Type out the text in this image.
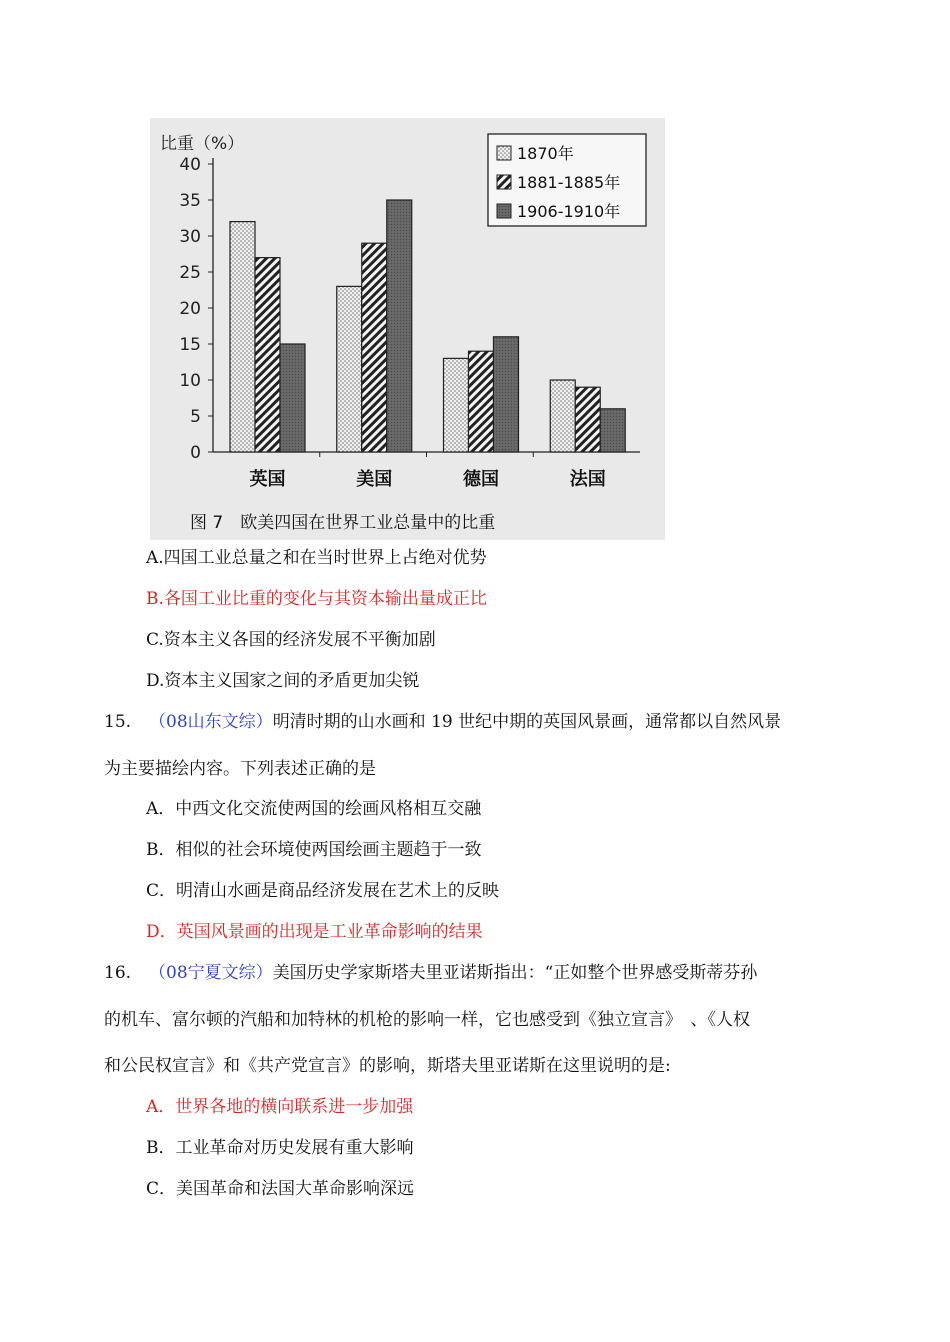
0
5
10
15
20
25
30
35
40
比重（%）
英国	美国	德国	法国
1870年
1881-1885年
1906-1910年
图 7　欧美四国在世界工业总量中的比重
A.四国工业总量之和在当时世界上占绝对优势
B.各国工业比重的变化与其资本输出量成正比
C.资本主义各国的经济发展不平衡加剧
D.资本主义国家之间的矛盾更加尖锐
15. （08山东文综）明清时期的山水画和 19 世纪中期的英国风景画，通常都以自然风景
为主要描绘内容。下列表述正确的是
A．中西文化交流使两国的绘画风格相互交融
B．相似的社会环境使两国绘画主题趋于一致
C．明清山水画是商品经济发展在艺术上的反映
D．英国风景画的出现是工业革命影响的结果
16. （08宁夏文综）美国历史学家斯塔夫里亚诺斯指出：“正如整个世界感受斯蒂芬孙
的机车、富尔顿的汽船和加特林的机枪的影响一样，它也感受到《独立宣言》　、《人权
和公民权宣言》和《共产党宣言》的影响，斯塔夫里亚诺斯在这里说明的是:
A．世界各地的横向联系进一步加强
B．工业革命对历史发展有重大影响
C．美国革命和法国大革命影响深远
